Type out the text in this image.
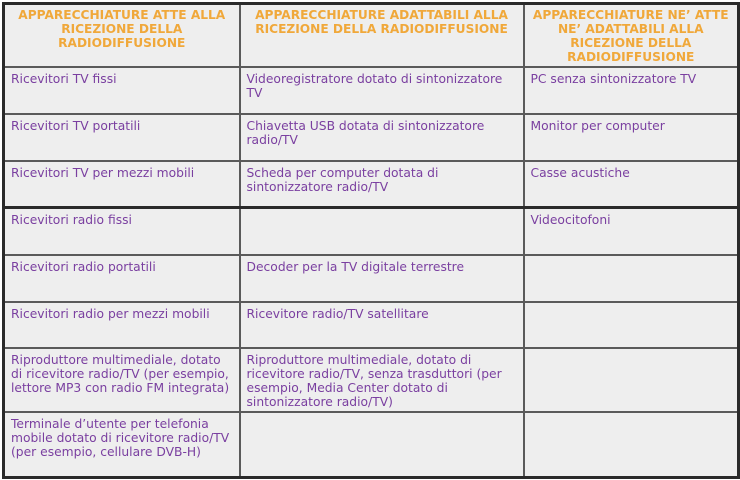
APPARECCHIATURE ATTE ALLA RICEZIONE DELLA RADIODIFFUSIONE	APPARECCHIATURE ADATTABILI ALLA RICEZIONE DELLA RADIODIFFUSIONE	APPARECCHIATURE NE’ ATTE NE’ ADATTABILI ALLA RICEZIONE DELLA RADIODIFFUSIONE
Ricevitori TV fissi	Videoregistratore dotato di sintonizzatore TV	PC senza sintonizzatore TV
Ricevitori TV portatili	Chiavetta USB dotata di sintonizzatore radio/TV	Monitor per computer
Ricevitori TV per mezzi mobili	Scheda per computer dotata di sintonizzatore radio/TV	Casse acustiche
Ricevitori radio fissi		Videocitofoni
Ricevitori radio portatili	Decoder per la TV digitale terrestre	
Ricevitori radio per mezzi mobili	Ricevitore radio/TV satellitare	
Riproduttore multimediale, dotato di ricevitore radio/TV (per esempio, lettore MP3 con radio FM integrata)	Riproduttore multimediale, dotato di ricevitore radio/TV, senza trasduttori (per esempio, Media Center dotato di sintonizzatore radio/TV)	
Terminale d’utente per telefonia mobile dotato di ricevitore radio/TV (per esempio, cellulare DVB-H)		
